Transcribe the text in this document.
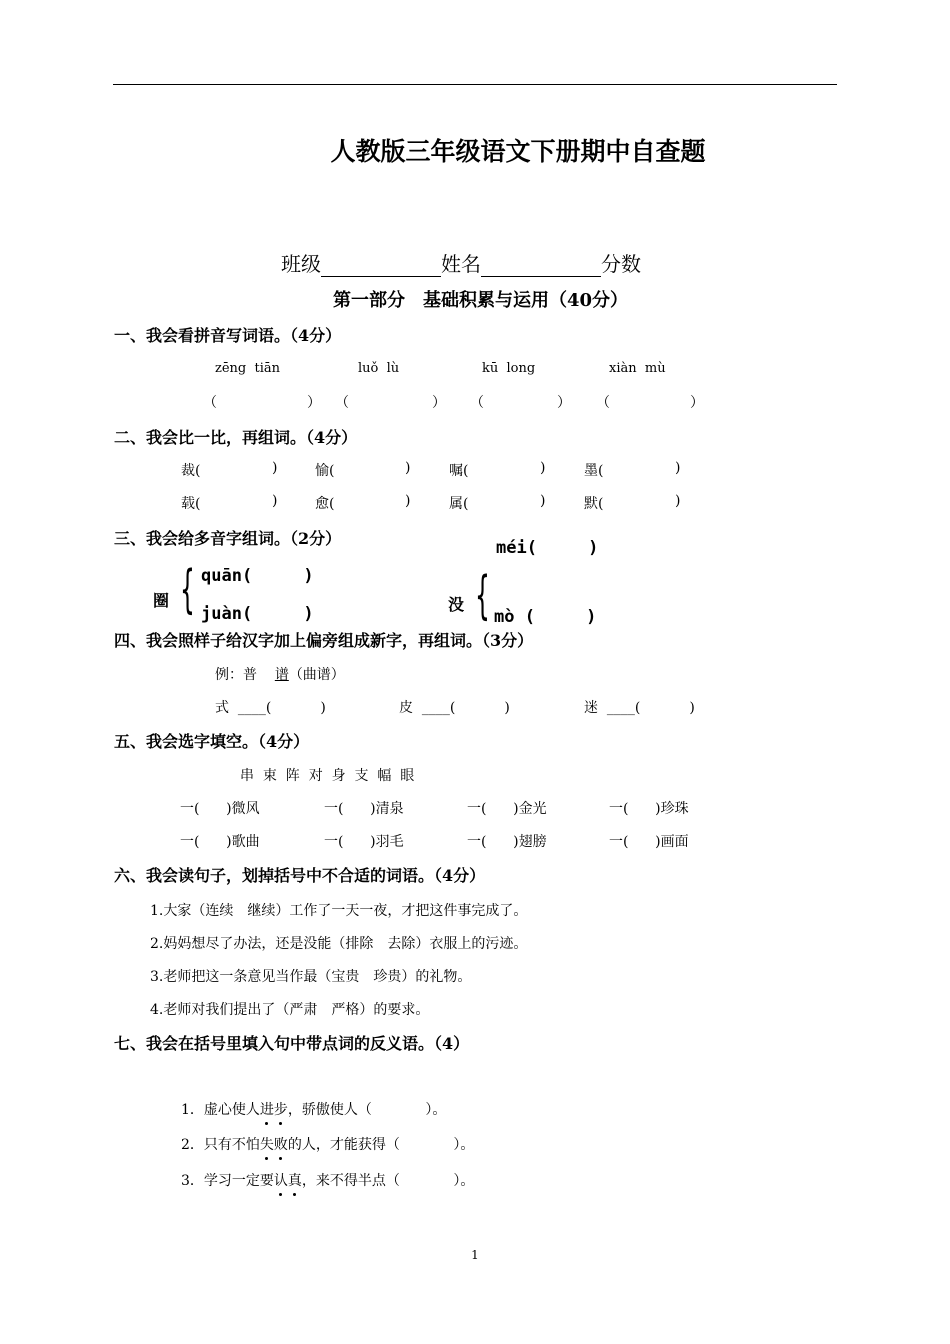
人教版三年级语文下册期中自查题
班级	姓名	分数
第一部分　基础积累与运用（40分）
一、我会看拼音写词语。（4分）
zēng  tiān	luǒ  lù	kū  long	xiàn  mù
（	） （	） （	） （	）
二、我会比一比，再组词。（4分）
裁(	)	愉(	)	嘱(	)	墨(	)
载(	)	愈(	)	属(	)	默(	)
三、我会给多音字组词。（2分）	méi(     )
quān(     )
圈 { juàn(     )	没 { mò (     )
四、我会照样子给汉字加上偏旁组成新字，再组词。（3分）
例：普 谱（曲谱）
式  ____(           )	皮  ____(           )	迷  ____(           )
五、我会选字填空。（4分）
串  束  阵  对  身  支  幅  眼
一(      )微风	一(      )清泉	一(      )金光	一(      )珍珠
一(      )歌曲	一(      )羽毛	一(      )翅膀	一(      )画面
六、我会读句子，划掉括号中不合适的词语。（4分）
1.大家（连续　继续）工作了一天一夜，才把这件事完成了。
2.妈妈想尽了办法，还是没能（排除　去除）衣服上的污迹。
3.老师把这一条意见当作最（宝贵　珍贵）的礼物。
4.老师对我们提出了（严肃　严格）的要求。
七、我会在括号里填入句中带点词的反义语。（4）
1．虚心使人进步
，骄傲使人（            ）。
2．只有不怕失败
的人，才能获得（            ）。
3．学习一定要认真
，来不得半点（            ）。
1
